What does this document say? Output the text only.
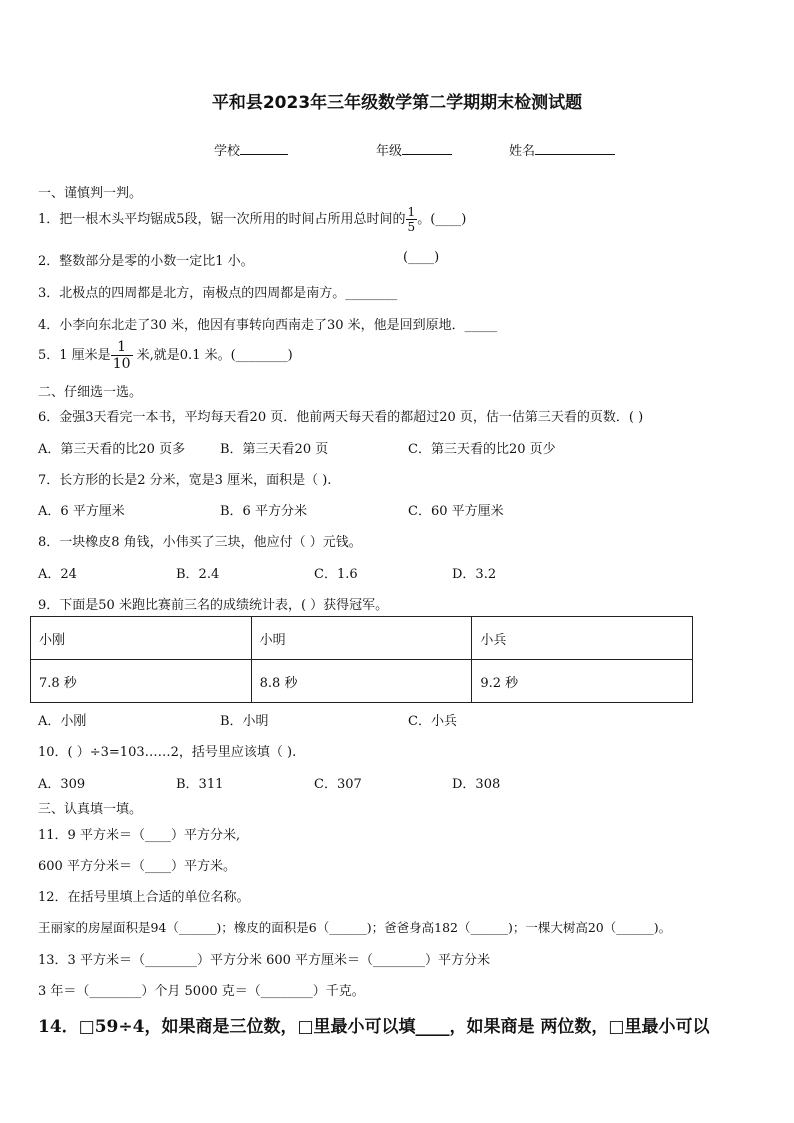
平和县2023年三年级数学第二学期期末检测试题
学校	年级	姓名
一、谨慎判一判。
1．把一根木头平均锯成5段，锯一次所用的时间占所用总时间的 $\frac{1}{5}$ 。(____)
2．整数部分是零的小数一定比1 小。	(____)
3．北极点的四周都是北方，南极点的四周都是南方。________
4．小李向东北走了30 米，他因有事转向西南走了30 米，他是回到原地．_____
5．1 厘米是 $\frac{1}{10}$ 米,就是0.1 米。(________)
二、仔细选一选。
6．金强3天看完一本书，平均每天看20 页．他前两天每天看的都超过20 页，估一估第三天看的页数．( )
A．第三天看的比20 页多	B．第三天看20 页	C．第三天看的比20 页少
7．长方形的长是2 分米，宽是3 厘米，面积是（ ).
A．6 平方厘米	B．6 平方分米	C．60 平方厘米
8．一块橡皮8 角钱，小伟买了三块，他应付（ ）元钱。
A．24	B．2.4	C．1.6	D．3.2
9．下面是50 米跑比赛前三名的成绩统计表，( ）获得冠军。
小刚	小明	小兵
7.8 秒	8.8 秒	9.2 秒
A．小刚	B．小明	C．小兵
10．( ）÷3=103……2，括号里应该填（ ).
A．309	B．311	C．307	D．308
三、认真填一填。
11．9 平方米＝（____）平方分米,
600 平方分米＝（____）平方米。
12．在括号里填上合适的单位名称。
王丽家的房屋面积是94（______)；橡皮的面积是6（______)；爸爸身高182（______)；一棵大树高20（______)。
13．3 平方米＝（________）平方分米 600 平方厘米＝（________）平方分米
3 年＝（________）个月 5000 克＝（________）千克。
14．□59÷4，如果商是三位数，□里最小可以填____，如果商是 两位数，□里最小可以
